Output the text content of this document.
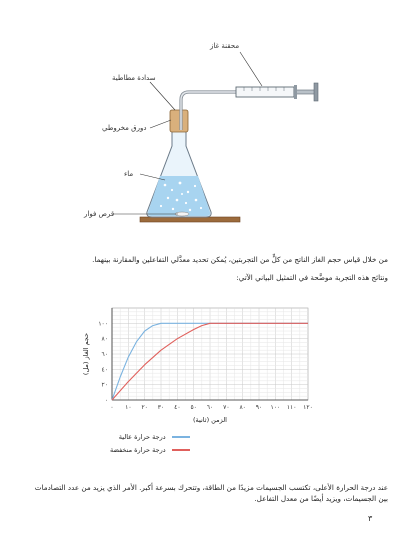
محقنة غاز
سدادة مطاطية
دورق مخروطي
ماء
قرص فوار
من خلال قياس حجم الغاز الناتج من كلٍّ من التجربتين، يُمكن تحديد معدَّلي التفاعلين والمقارنة بينهما.
ونتائج هذه التجربة موضَّحة في التمثيل البياني الآتي:
٠ ١٠ ٢٠ ٣٠ ٤٠ ٥٠ ٦٠ ٧٠ ٨٠ ٩٠ ١٠٠ ١١٠ ١٢٠
٠
٢٠
٤٠
٦٠
٨٠
١٠٠
الزمن (ثانية)
حجم الغاز (مل)
درجة حرارة عالية
درجة حرارة منخفضة
عند درجة الحرارة الأعلى، تكتسب الجسيمات مزيدًا من الطاقة، وتتحرك بسرعة أكبر. الأمر الذي يزيد من عدد التصادمات بين الجسيمات، ويزيد أيضًا من معدل التفاعل.
٣
